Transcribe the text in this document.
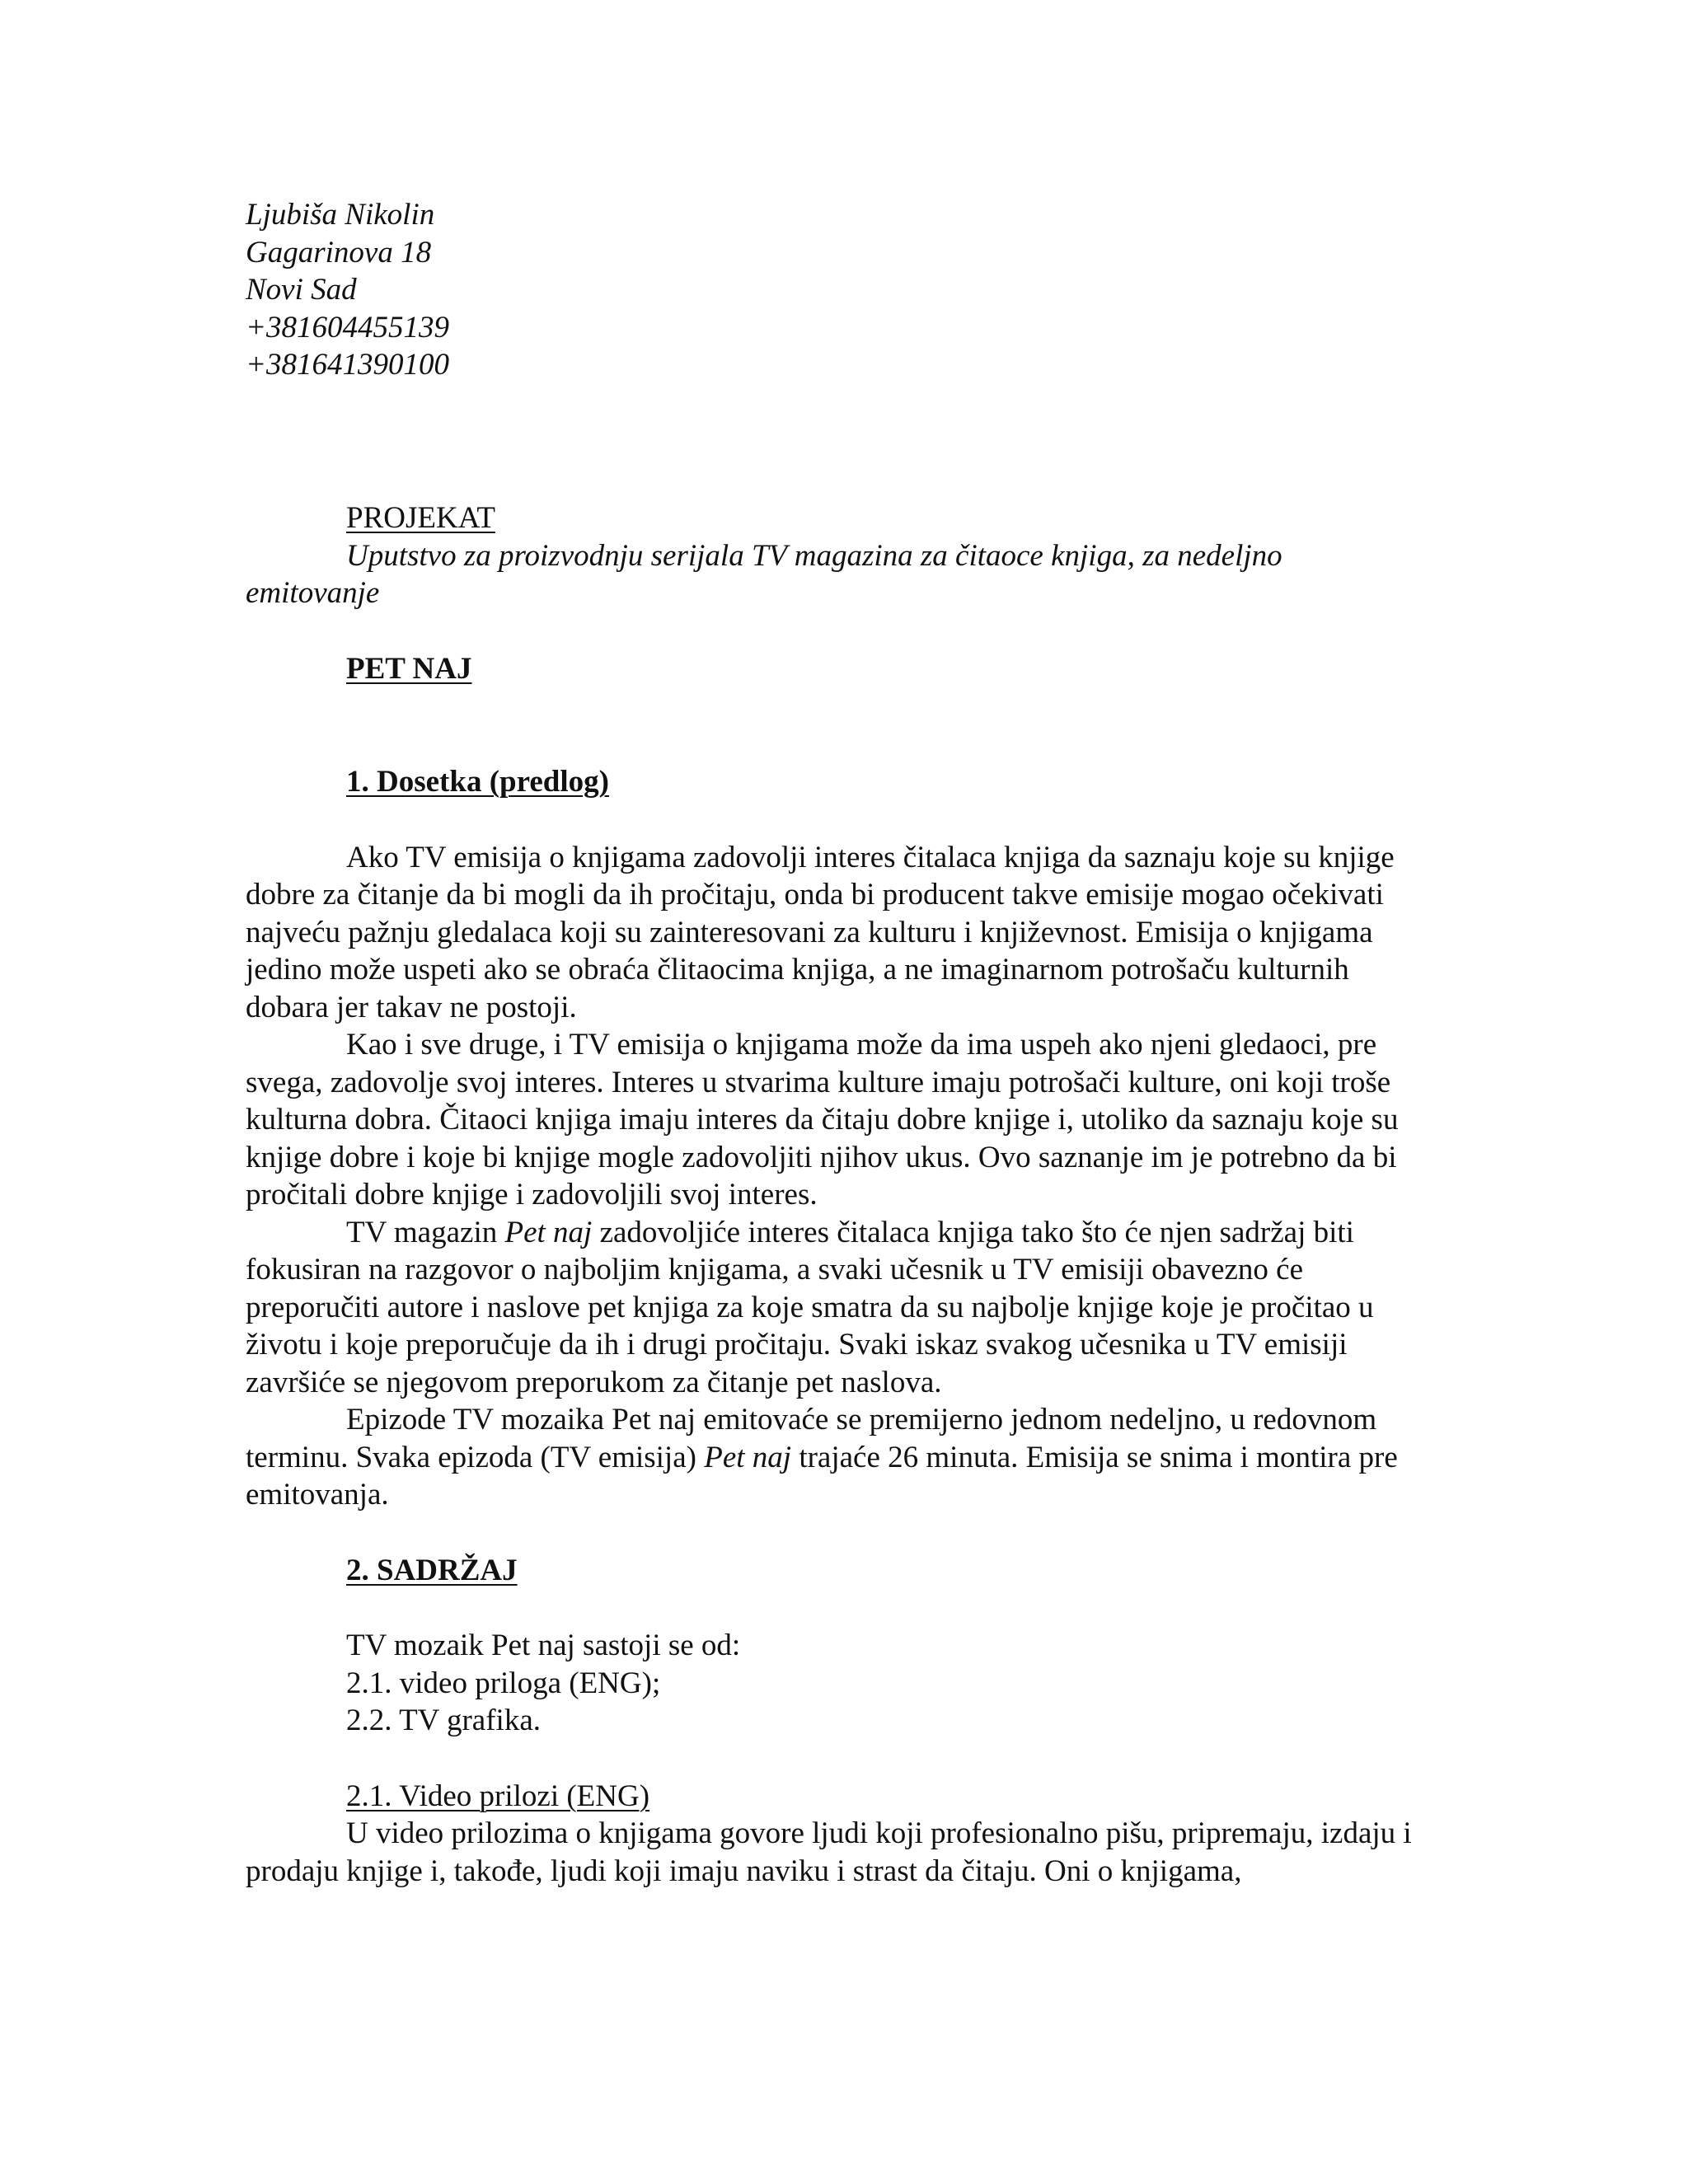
Ljubiša Nikolin
Gagarinova 18
Novi Sad
+381604455139
+381641390100
PROJEKAT
Uputstvo za proizvodnju serijala TV magazina za čitaoce knjiga, za nedeljno
emitovanje
PET NAJ
1. Dosetka (predlog)

Ako TV emisija o knjigama zadovolji interes čitalaca knjiga da saznaju koje su knjige dobre za čitanje da bi mogli da ih pročitaju, onda bi producent takve emisije mogao očekivati najveću pažnju gledalaca koji su zainteresovani za kulturu i književnost. Emisija o knjigama jedino može uspeti ako se obraća člitaocima knjiga, a ne imaginarnom potrošaču kulturnih dobara jer takav ne postoji.

Kao i sve druge, i TV emisija o knjigama može da ima uspeh ako njeni gledaoci, pre svega, zadovolje svoj interes. Interes u stvarima kulture imaju potrošači kulture, oni koji troše kulturna dobra. Čitaoci knjiga imaju interes da čitaju dobre knjige i, utoliko da saznaju koje su knjige dobre i koje bi knjige mogle zadovoljiti njihov ukus. Ovo saznanje im je potrebno da bi pročitali dobre knjige i zadovoljili svoj interes.

TV magazin Pet naj zadovoljiće interes čitalaca knjiga tako što će njen sadržaj biti fokusiran na razgovor o najboljim knjigama, a svaki učesnik u TV emisiji obavezno će preporučiti autore i naslove pet knjiga za koje smatra da su najbolje knjige koje je pročitao u životu i koje preporučuje da ih i drugi pročitaju. Svaki iskaz svakog učesnika u TV emisiji završiće se njegovom preporukom za čitanje pet naslova.

Epizode TV mozaika Pet naj emitovaće se premijerno jednom nedeljno, u redovnom terminu. Svaka epizoda (TV emisija) Pet naj trajaće 26 minuta. Emisija se snima i montira pre emitovanja.

2. SADRŽAJ
TV mozaik Pet naj sastoji se od:
2.1. video priloga (ENG);
2.2. TV grafika.
2.1. Video prilozi (ENG)

U video prilozima o knjigama govore ljudi koji profesionalno pišu, pripremaju, izdaju i prodaju knjige i, takođe, ljudi koji imaju naviku i strast da čitaju. Oni o knjigama,
